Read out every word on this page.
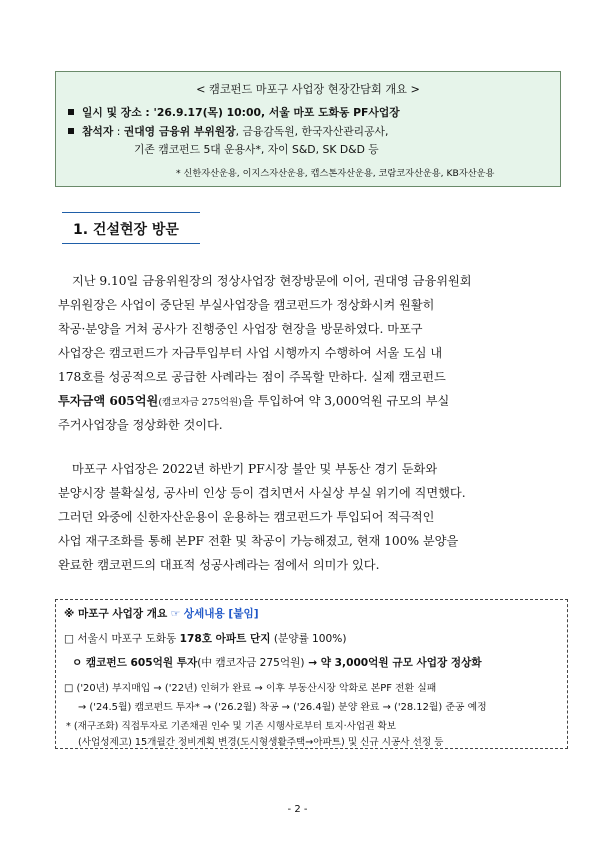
< 캠코펀드 마포구 사업장 현장간담회 개요 >
일시 및 장소 : '26.9.17(목) 10:00, 서울 마포 도화동 PF사업장
참석자 : 권대영 금융위 부위원장, 금융감독원, 한국자산관리공사,
기존 캠코펀드 5대 운용사*, 자이 S&D, SK D&D 등
* 신한자산운용, 이지스자산운용, 캡스톤자산운용, 코람코자산운용, KB자산운용
1. 건설현장 방문
지난 9.10일 금융위원장의 정상사업장 현장방문에 이어, 권대영 금융위원회
부위원장은 사업이 중단된 부실사업장을 캠코펀드가 정상화시켜 원활히
착공·분양을 거쳐 공사가 진행중인 사업장 현장을 방문하였다. 마포구
사업장은 캠코펀드가 자금투입부터 사업 시행까지 수행하여 서울 도심 내
178호를 성공적으로 공급한 사례라는 점이 주목할 만하다. 실제 캠코펀드
투자금액 605억원(캠코자금 275억원)을 투입하여 약 3,000억원 규모의 부실
주거사업장을 정상화한 것이다.
마포구 사업장은 2022년 하반기 PF시장 불안 및 부동산 경기 둔화와
분양시장 불확실성, 공사비 인상 등이 겹치면서 사실상 부실 위기에 직면했다.
그러던 와중에 신한자산운용이 운용하는 캠코펀드가 투입되어 적극적인
사업 재구조화를 통해 본PF 전환 및 착공이 가능해졌고, 현재 100% 분양을
완료한 캠코펀드의 대표적 성공사례라는 점에서 의미가 있다.
※ 마포구 사업장 개요 ☞ 상세내용 [붙임]
□ 서울시 마포구 도화동 178호 아파트 단지 (분양률 100%)
ㅇ 캠코펀드 605억원 투자(中 캠코자금 275억원) → 약 3,000억원 규모 사업장 정상화
□ ('20년) 부지매입 → ('22년) 인허가 완료 → 이후 부동산시장 악화로 본PF 전환 실패
→ ('24.5월) 캠코펀드 투자* → ('26.2월) 착공 → ('26.4월) 분양 완료 → ('28.12월) 준공 예정
* (재구조화) 직접투자로 기존채권 인수 및 기존 시행사로부터 토지·사업권 확보
(사업성제고) 15개월간 정비계획 변경(도시형생활주택→아파트) 및 신규 시공사 선정 등
- 2 -
